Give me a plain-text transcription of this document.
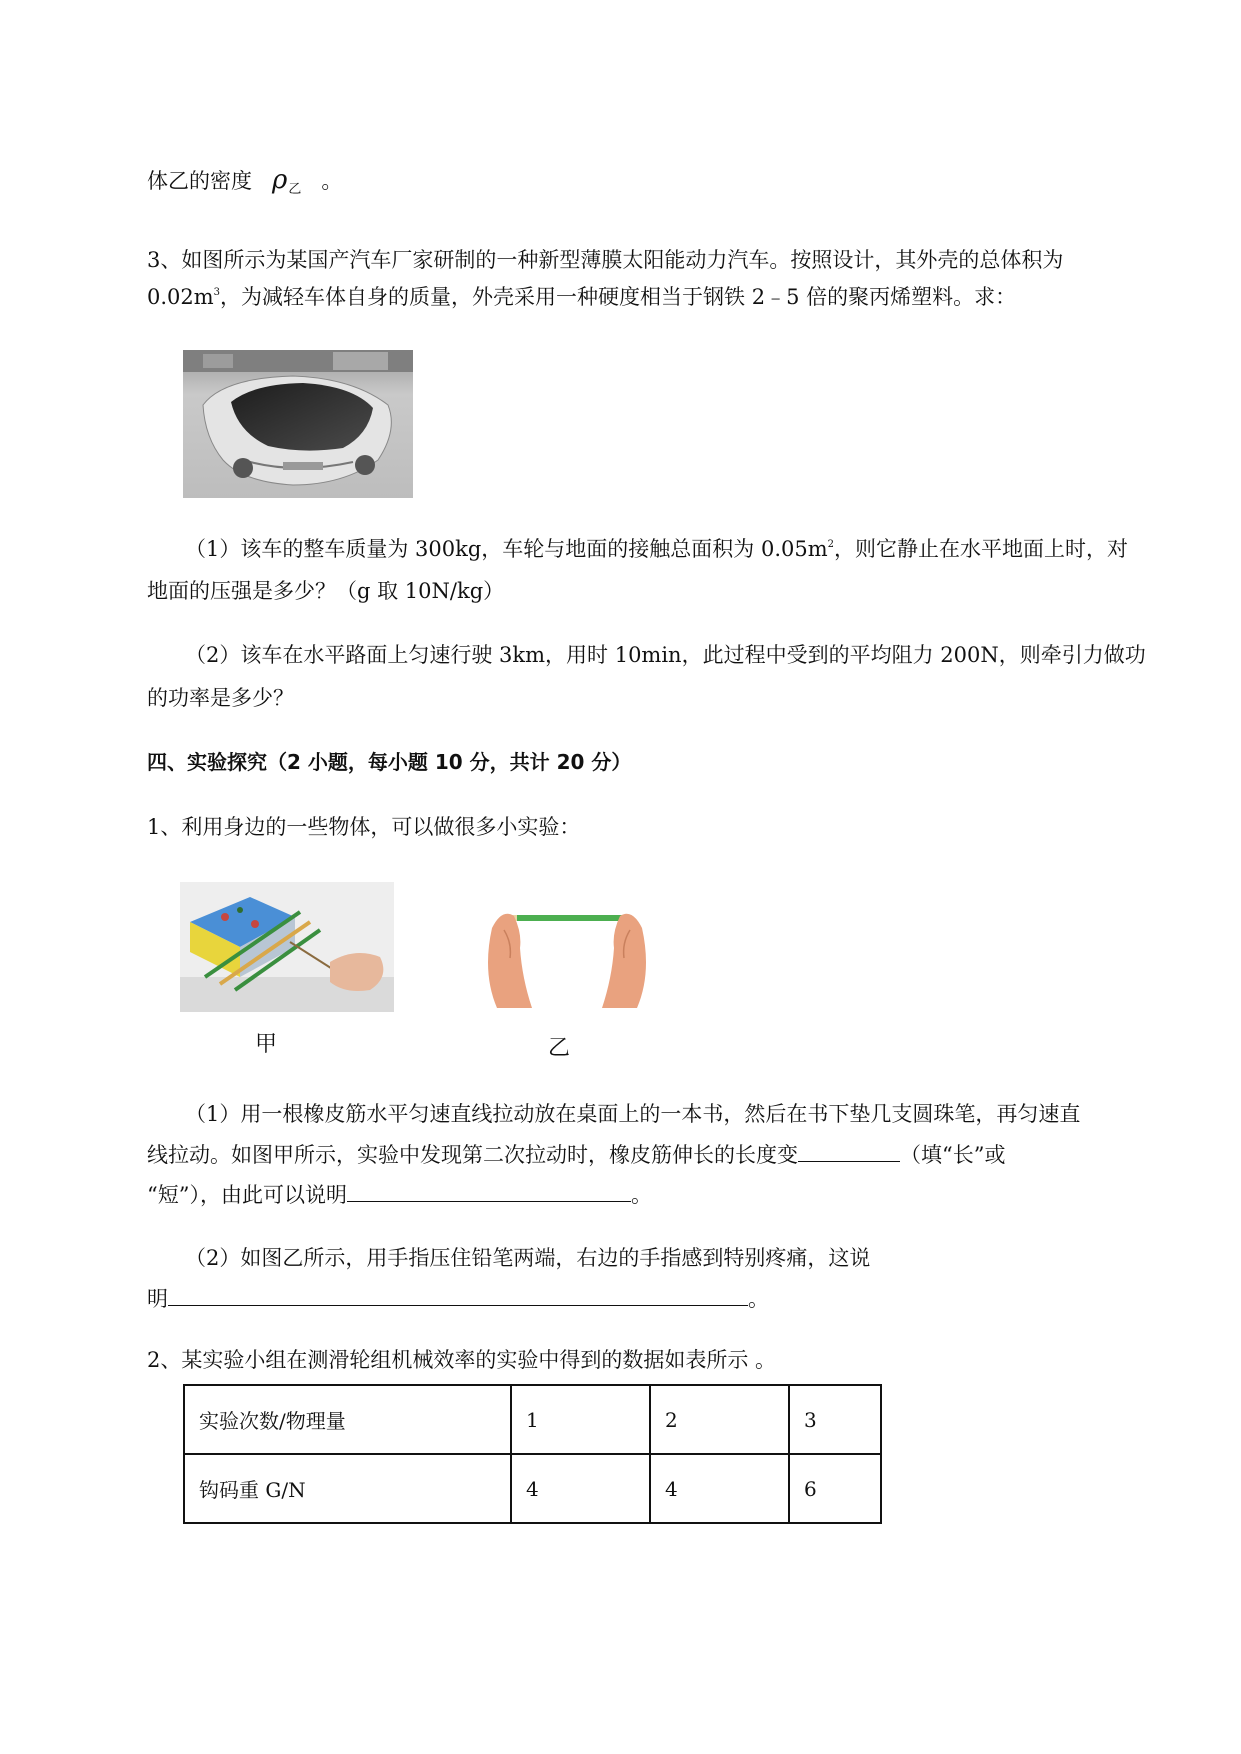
体乙的密度 $\rho_乙$ 。
3、如图所示为某国产汽车厂家研制的一种新型薄膜太阳能动力汽车。按照设计，其外壳的总体积为
$0.02m^3$，为减轻车体自身的质量，外壳采用一种硬度相当于钢铁 2﹣5 倍的聚丙烯塑料。求：
（1）该车的整车质量为 300kg，车轮与地面的接触总面积为 $0.05m^2$，则它静止在水平地面上时，对
地面的压强是多少？（g 取 10N/kg）
（2）该车在水平路面上匀速行驶 3km，用时 10min，此过程中受到的平均阻力 200N，则牵引力做功
的功率是多少？
四、实验探究（2 小题，每小题 10 分，共计 20 分）
1、利用身边的一些物体，可以做很多小实验：
甲	乙
（1）用一根橡皮筋水平匀速直线拉动放在桌面上的一本书，然后在书下垫几支圆珠笔，再匀速直
线拉动。如图甲所示，实验中发现第二次拉动时，橡皮筋伸长的长度变	（填“长”或
“短”），由此可以说明	。
（2）如图乙所示，用手指压住铅笔两端，右边的手指感到特别疼痛，这说
明	。
2、某实验小组在测滑轮组机械效率的实验中得到的数据如表所示 。
实验次数/物理量	1	2	3
钩码重 G/N	4	4	6
